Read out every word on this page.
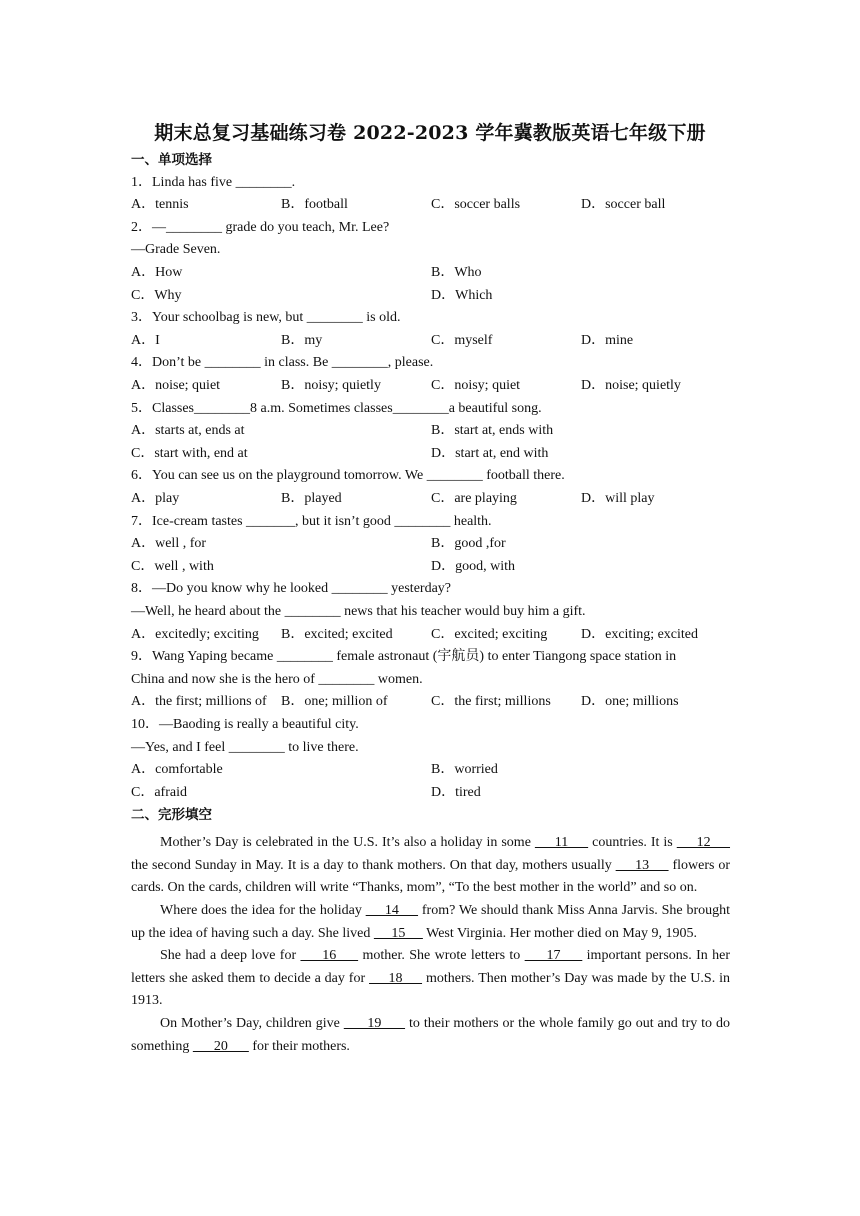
期末总复习基础练习卷 2022-2023 学年冀教版英语七年级下册
一、单项选择
1．Linda has five ________.
A．tennis	B．football	C．soccer balls	D．soccer ball
2．—________ grade do you teach, Mr. Lee?
—Grade Seven.
A．How	B．Who
C．Why	D．Which
3．Your schoolbag is new, but ________ is old.
A．I	B．my	C．myself	D．mine
4．Don’t be ________ in class. Be ________, please.
A．noise; quiet	B．noisy; quietly	C．noisy; quiet	D．noise; quietly
5．Classes________8 a.m. Sometimes classes________a beautiful song.
A．starts at, ends at	B．start at, ends with
C．start with, end at	D．start at, end with
6．You can see us on the playground tomorrow. We ________ football there.
A．play	B．played	C．are playing	D．will play
7．Ice-cream tastes _______, but it isn’t good ________ health.
A．well , for	B．good ,for
C．well , with	D．good, with
8．—Do you know why he looked ________ yesterday?
—Well, he heard about the ________ news that his teacher would buy him a gift.
A．excitedly; exciting B．excited; excited	C．excited; exciting D．exciting; excited
9．Wang Yaping became ________ female astronaut (宇航员) to enter Tiangong space station in
China and now she is the hero of ________ women.
A．the first; millions of B．one; million of	C．the first; millions D．one; millions
10．—Baoding is really a beautiful city.
—Yes, and I feel ________ to live there.
A．comfortable	B．worried
C．afraid	D．tired
二、完形填空
Mother’s Day is celebrated in the U.S. It’s also a holiday in some      11      countries. It is      12      the second Sunday in May. It is a day to thank mothers. On that day, mothers usually      13      flowers or cards. On the cards, children will write “Thanks, mom”, “To the best mother in the world” and so on.
Where does the idea for the holiday      14      from? We should thank Miss Anna Jarvis. She brought up the idea of having such a day. She lived      15      West Virginia. Her mother died on May 9, 1905.
She had a deep love for      16      mother. She wrote letters to      17      important persons. In her letters she asked them to decide a day for      18      mothers. Then mother’s Day was made by the U.S. in 1913.
On Mother’s Day, children give       19       to their mothers or the whole family go out and try to do something       20       for their mothers.
